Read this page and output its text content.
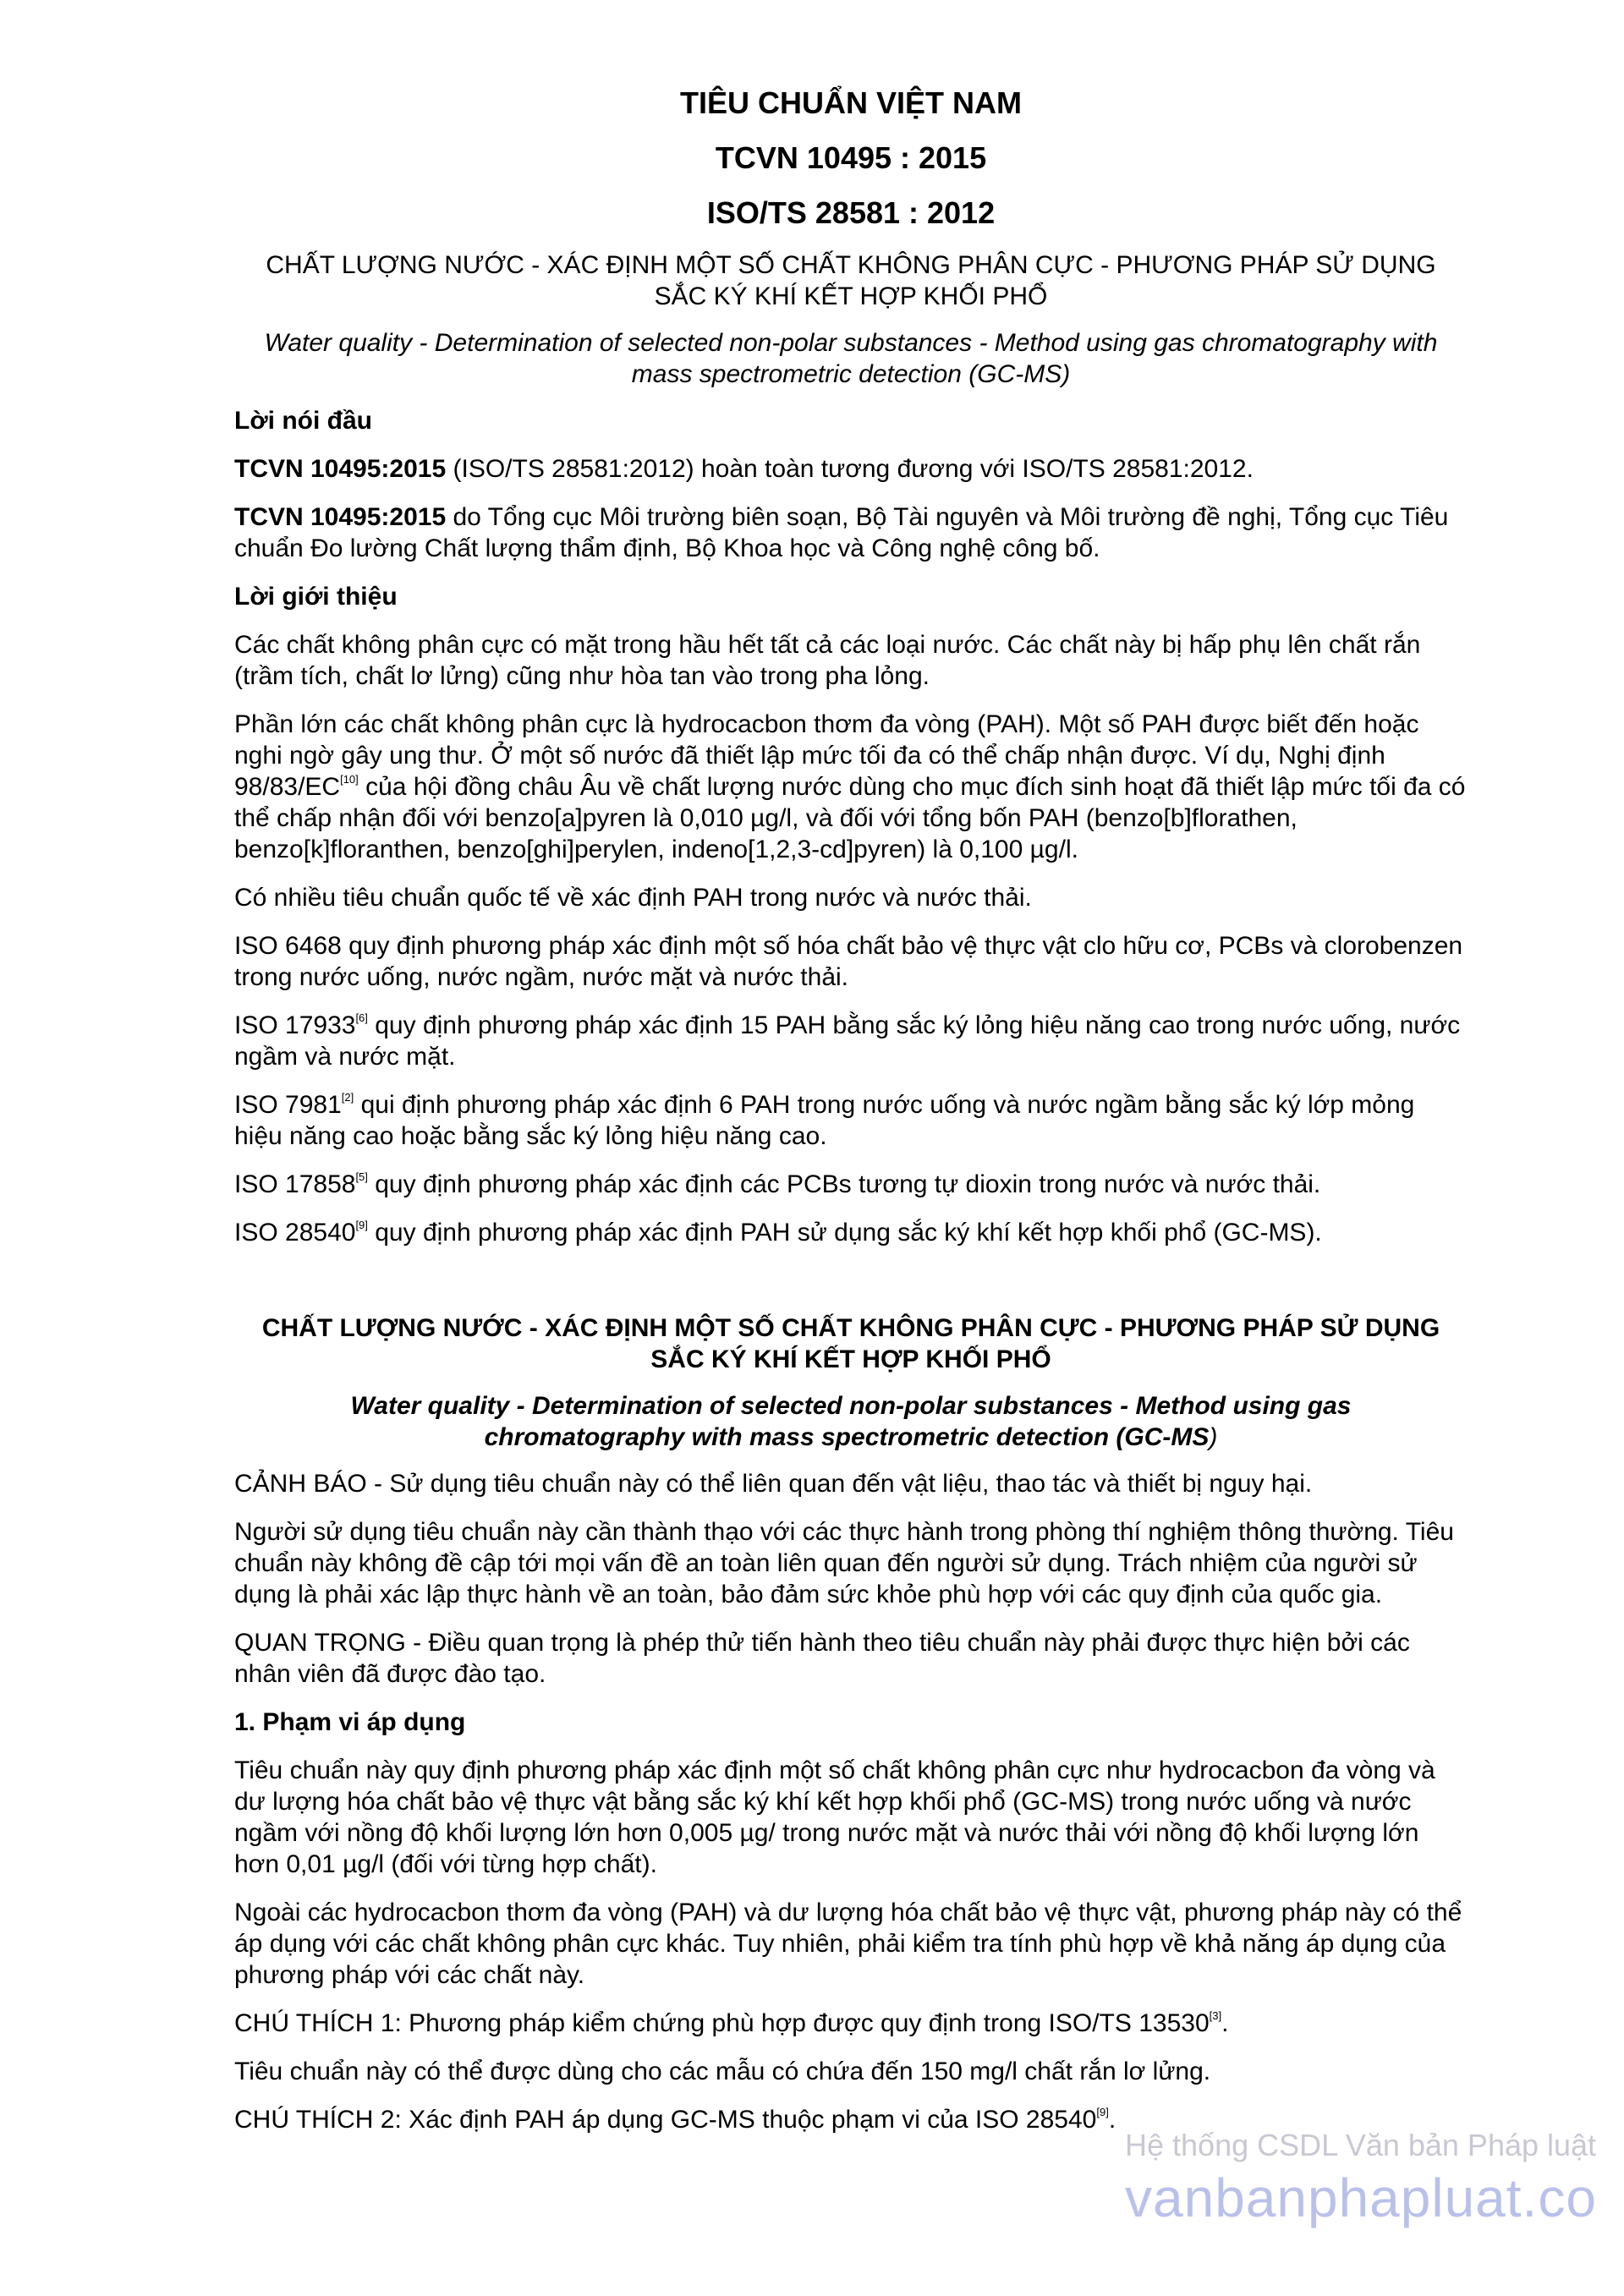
TIÊU CHUẨN VIỆT NAM
TCVN 10495 : 2015
ISO/TS 28581 : 2012
CHẤT LƯỢNG NƯỚC - XÁC ĐỊNH MỘT SỐ CHẤT KHÔNG PHÂN CỰC - PHƯƠNG PHÁP SỬ DỤNG SẮC KÝ KHÍ KẾT HỢP KHỐI PHỔ
Water quality - Determination of selected non-polar substances - Method using gas chromatography with mass spectrometric detection (GC-MS)

Lời nói đầu

TCVN 10495:2015 (ISO/TS 28581:2012) hoàn toàn tương đương với ISO/TS 28581:2012.

TCVN 10495:2015 do Tổng cục Môi trường biên soạn, Bộ Tài nguyên và Môi trường đề nghị, Tổng cục Tiêu chuẩn Đo lường Chất lượng thẩm định, Bộ Khoa học và Công nghệ công bố.

Lời giới thiệu

Các chất không phân cực có mặt trong hầu hết tất cả các loại nước. Các chất này bị hấp phụ lên chất rắn (trầm tích, chất lơ lửng) cũng như hòa tan vào trong pha lỏng.

Phần lớn các chất không phân cực là hydrocacbon thơm đa vòng (PAH). Một số PAH được biết đến hoặc nghi ngờ gây ung thư. Ở một số nước đã thiết lập mức tối đa có thể chấp nhận được. Ví dụ, Nghị định 98/83/EC[10] của hội đồng châu Âu về chất lượng nước dùng cho mục đích sinh hoạt đã thiết lập mức tối đa có thể chấp nhận đối với benzo[a]pyren là 0,010 µg/l, và đối với tổng bốn PAH (benzo[b]florathen, benzo[k]floranthen, benzo[ghi]perylen, indeno[1,2,3-cd]pyren) là 0,100 µg/l.

Có nhiều tiêu chuẩn quốc tế về xác định PAH trong nước và nước thải.

ISO 6468 quy định phương pháp xác định một số hóa chất bảo vệ thực vật clo hữu cơ, PCBs và clorobenzen trong nước uống, nước ngầm, nước mặt và nước thải.

ISO 17933[6] quy định phương pháp xác định 15 PAH bằng sắc ký lỏng hiệu năng cao trong nước uống, nước ngầm và nước mặt.

ISO 7981[2] qui định phương pháp xác định 6 PAH trong nước uống và nước ngầm bằng sắc ký lớp mỏng hiệu năng cao hoặc bằng sắc ký lỏng hiệu năng cao.

ISO 17858[5] quy định phương pháp xác định các PCBs tương tự dioxin trong nước và nước thải.

ISO 28540[9] quy định phương pháp xác định PAH sử dụng sắc ký khí kết hợp khối phổ (GC-MS).

CHẤT LƯỢNG NƯỚC - XÁC ĐỊNH MỘT SỐ CHẤT KHÔNG PHÂN CỰC - PHƯƠNG PHÁP SỬ DỤNG SẮC KÝ KHÍ KẾT HỢP KHỐI PHỔ
Water quality - Determination of selected non-polar substances - Method using gas chromatography with mass spectrometric detection (GC-MS)

CẢNH BÁO - Sử dụng tiêu chuẩn này có thể liên quan đến vật liệu, thao tác và thiết bị nguy hại.

Người sử dụng tiêu chuẩn này cần thành thạo với các thực hành trong phòng thí nghiệm thông thường. Tiêu chuẩn này không đề cập tới mọi vấn đề an toàn liên quan đến người sử dụng. Trách nhiệm của người sử dụng là phải xác lập thực hành về an toàn, bảo đảm sức khỏe phù hợp với các quy định của quốc gia.

QUAN TRỌNG - Điều quan trọng là phép thử tiến hành theo tiêu chuẩn này phải được thực hiện bởi các nhân viên đã được đào tạo.

1. Phạm vi áp dụng

Tiêu chuẩn này quy định phương pháp xác định một số chất không phân cực như hydrocacbon đa vòng và dư lượng hóa chất bảo vệ thực vật bằng sắc ký khí kết hợp khối phổ (GC-MS) trong nước uống và nước ngầm với nồng độ khối lượng lớn hơn 0,005 µg/ trong nước mặt và nước thải với nồng độ khối lượng lớn hơn 0,01 µg/l (đối với từng hợp chất).

Ngoài các hydrocacbon thơm đa vòng (PAH) và dư lượng hóa chất bảo vệ thực vật, phương pháp này có thể áp dụng với các chất không phân cực khác. Tuy nhiên, phải kiểm tra tính phù hợp về khả năng áp dụng của phương pháp với các chất này.

CHÚ THÍCH 1: Phương pháp kiểm chứng phù hợp được quy định trong ISO/TS 13530[3].

Tiêu chuẩn này có thể được dùng cho các mẫu có chứa đến 150 mg/l chất rắn lơ lửng.

CHÚ THÍCH 2: Xác định PAH áp dụng GC-MS thuộc phạm vi của ISO 28540[9].

Hệ thống CSDL Văn bản Pháp luật
vanbanphapluat.co
